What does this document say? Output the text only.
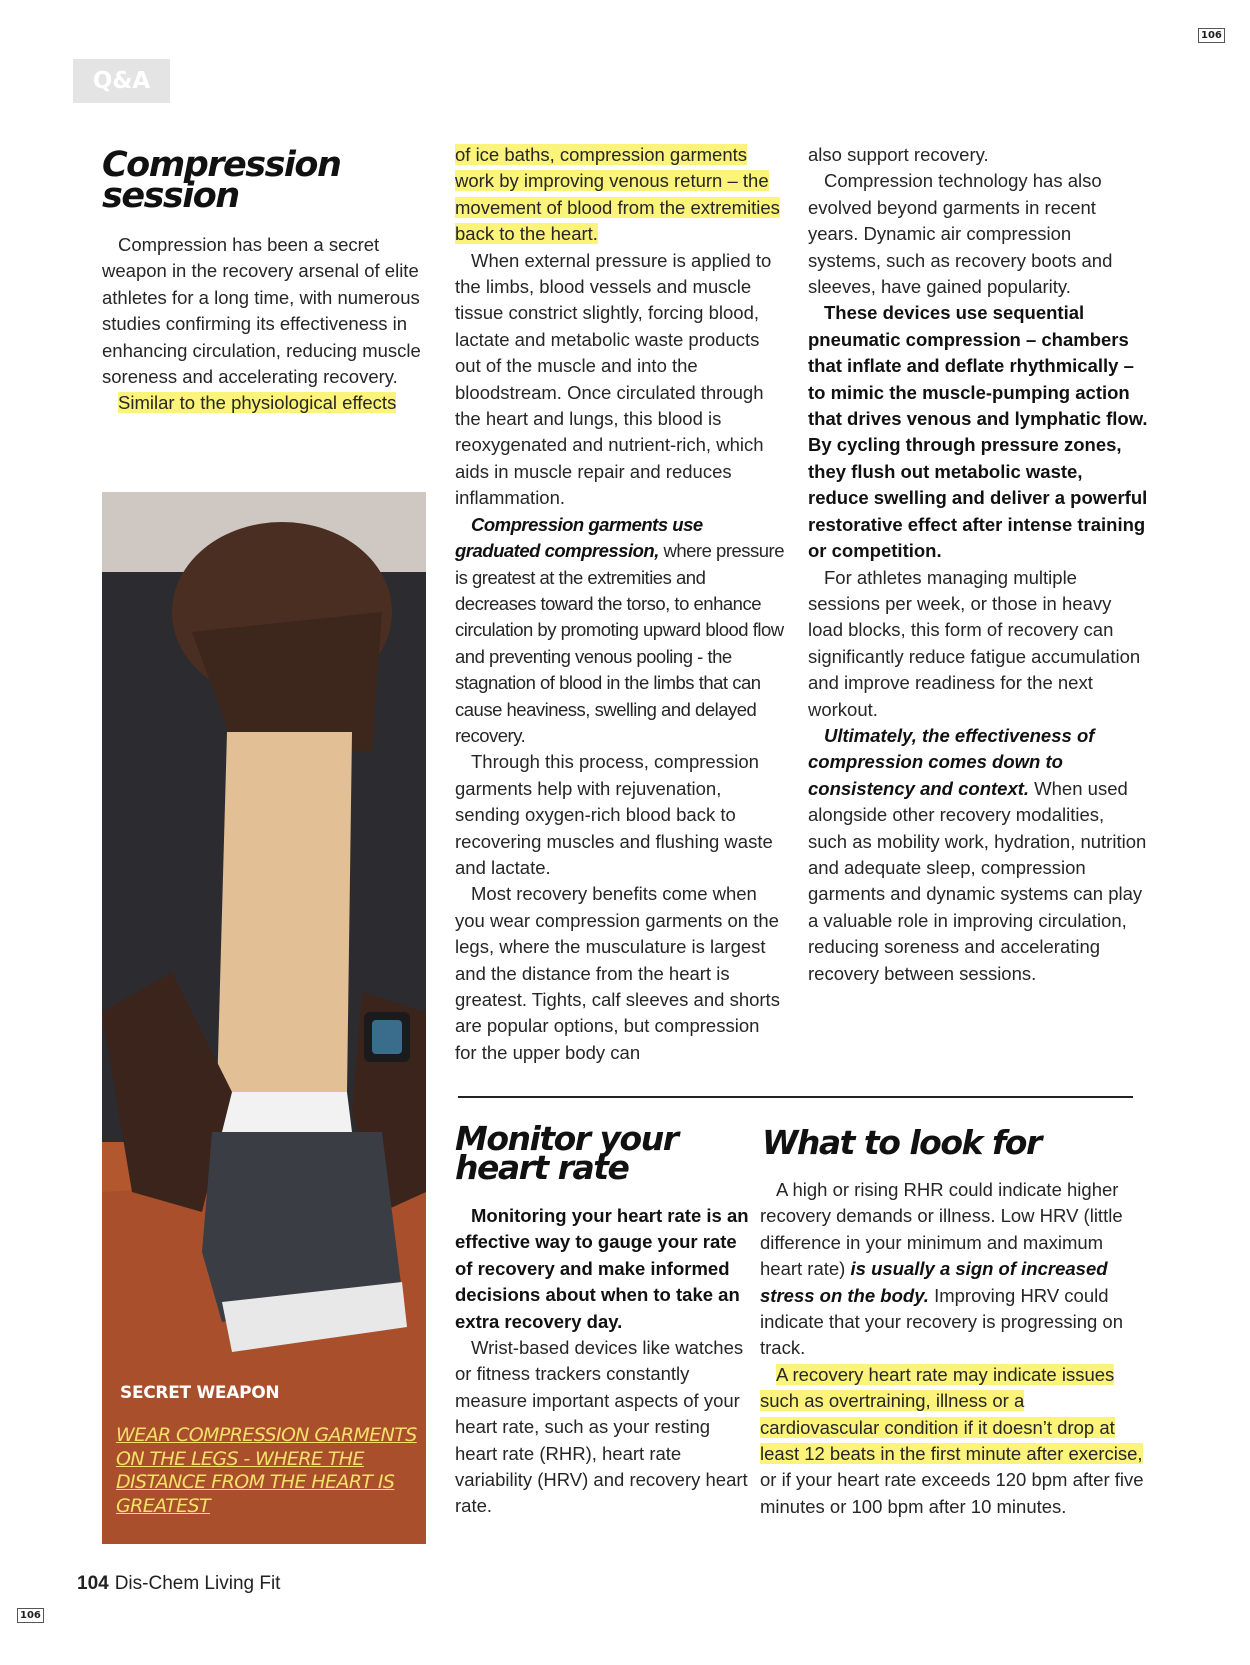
106
Q&A
Compression session

Compression has been a secret weapon in the recovery arsenal of elite athletes for a long time, with numerous studies confirming its effectiveness in enhancing circulation, reducing muscle soreness and accelerating recovery.

Similar to the physiological effects

SECRET WEAPON
WEAR COMPRESSION GARMENTS ON THE LEGS - WHERE THE DISTANCE FROM THE HEART IS GREATEST

of ice baths, compression garments work by improving venous return – the movement of blood from the extremities back to the heart.

When external pressure is applied to the limbs, blood vessels and muscle tissue constrict slightly, forcing blood, lactate and metabolic waste products out of the muscle and into the bloodstream. Once circulated through the heart and lungs, this blood is reoxygenated and nutrient-rich, which aids in muscle repair and reduces inflammation.

Compression garments use graduated compression, where pressure is greatest at the extremities and decreases toward the torso, to enhance circulation by promoting upward blood flow and preventing venous pooling - the stagnation of blood in the limbs that can cause heaviness, swelling and delayed recovery.

Through this process, compression garments help with rejuvenation, sending oxygen-rich blood back to recovering muscles and flushing waste and lactate.

Most recovery benefits come when you wear compression garments on the legs, where the musculature is largest and the distance from the heart is greatest. Tights, calf sleeves and shorts are popular options, but compression for the upper body can

also support recovery.

Compression technology has also evolved beyond garments in recent years. Dynamic air compression systems, such as recovery boots and sleeves, have gained popularity.

These devices use sequential pneumatic compression – chambers that inflate and deflate rhythmically – to mimic the muscle-pumping action that drives venous and lymphatic flow. By cycling through pressure zones, they flush out metabolic waste, reduce swelling and deliver a powerful restorative effect after intense training or competition.

For athletes managing multiple sessions per week, or those in heavy load blocks, this form of recovery can significantly reduce fatigue accumulation and improve readiness for the next workout.

Ultimately, the effectiveness of compression comes down to consistency and context. When used alongside other recovery modalities, such as mobility work, hydration, nutrition and adequate sleep, compression garments and dynamic systems can play a valuable role in improving circulation, reducing soreness and accelerating recovery between sessions.

Monitor your heart rate

Monitoring your heart rate is an effective way to gauge your rate of recovery and make informed decisions about when to take an extra recovery day.

Wrist-based devices like watches or fitness trackers constantly measure important aspects of your heart rate, such as your resting heart rate (RHR), heart rate variability (HRV) and recovery heart rate.

What to look for

A high or rising RHR could indicate higher recovery demands or illness. Low HRV (little difference in your minimum and maximum heart rate) is usually a sign of increased stress on the body. Improving HRV could indicate that your recovery is progressing on track.

A recovery heart rate may indicate issues such as overtraining, illness or a cardiovascular condition if it doesn’t drop at least 12 beats in the first minute after exercise, or if your heart rate exceeds 120 bpm after five minutes or 100 bpm after 10 minutes.

104 Dis-Chem Living Fit
106
